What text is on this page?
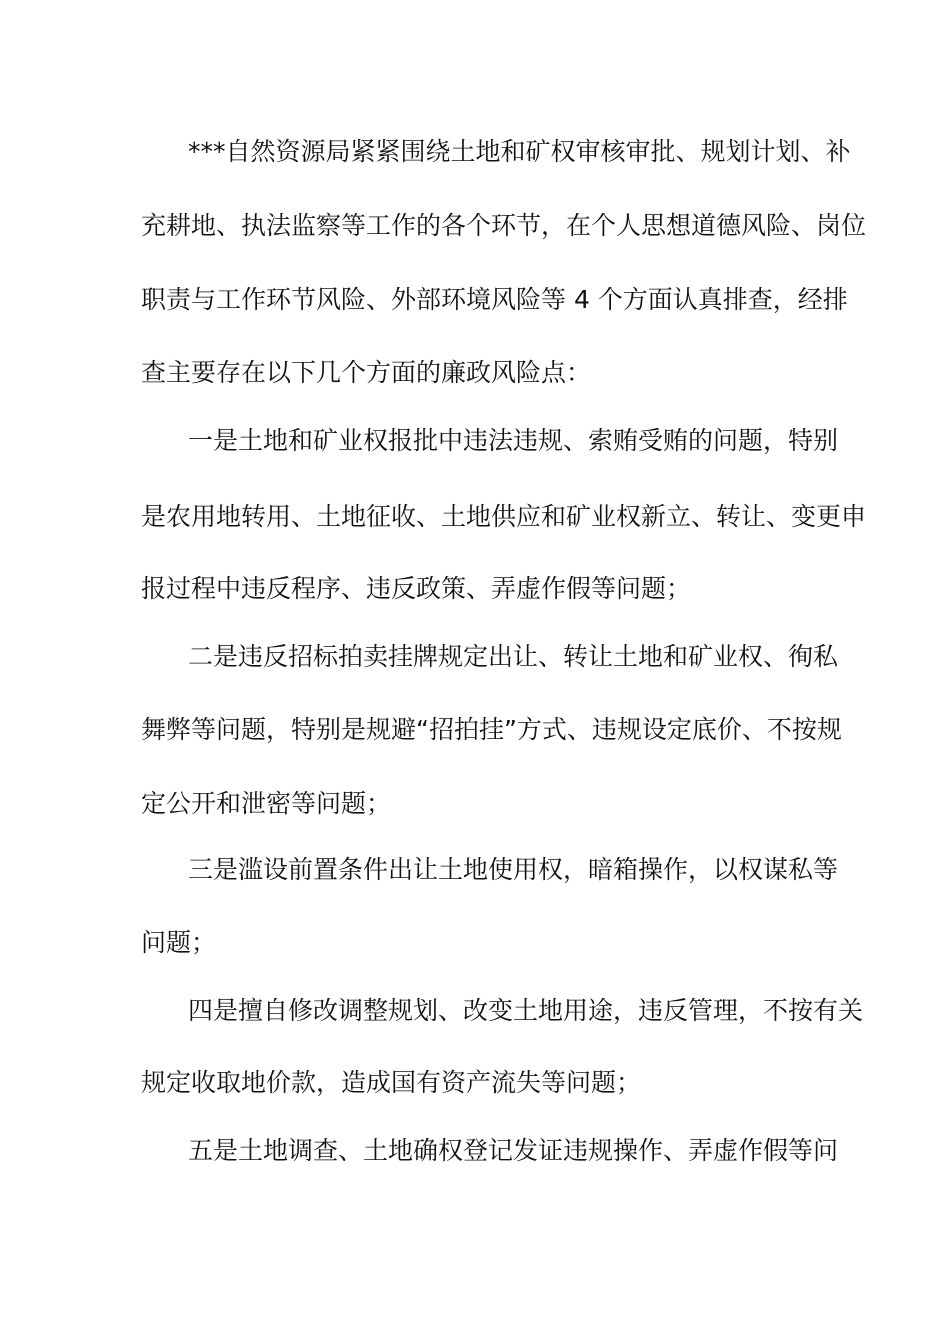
***自然资源局紧紧围绕土地和矿权审核审批、规划计划、补
充耕地、执法监察等工作的各个环节，在个人思想道德风险、岗位
职责与工作环节风险、外部环境风险等 4 个方面认真排查，经排
查主要存在以下几个方面的廉政风险点：
一是土地和矿业权报批中违法违规、索贿受贿的问题，特别
是农用地转用、土地征收、土地供应和矿业权新立、转让、变更申
报过程中违反程序、违反政策、弄虚作假等问题；
二是违反招标拍卖挂牌规定出让、转让土地和矿业权、徇私
舞弊等问题，特别是规避“招拍挂”方式、违规设定底价、不按规
定公开和泄密等问题；
三是滥设前置条件出让土地使用权，暗箱操作，以权谋私等
问题；
四是擅自修改调整规划、改变土地用途，违反管理，不按有关
规定收取地价款，造成国有资产流失等问题；
五是土地调查、土地确权登记发证违规操作、弄虚作假等问
